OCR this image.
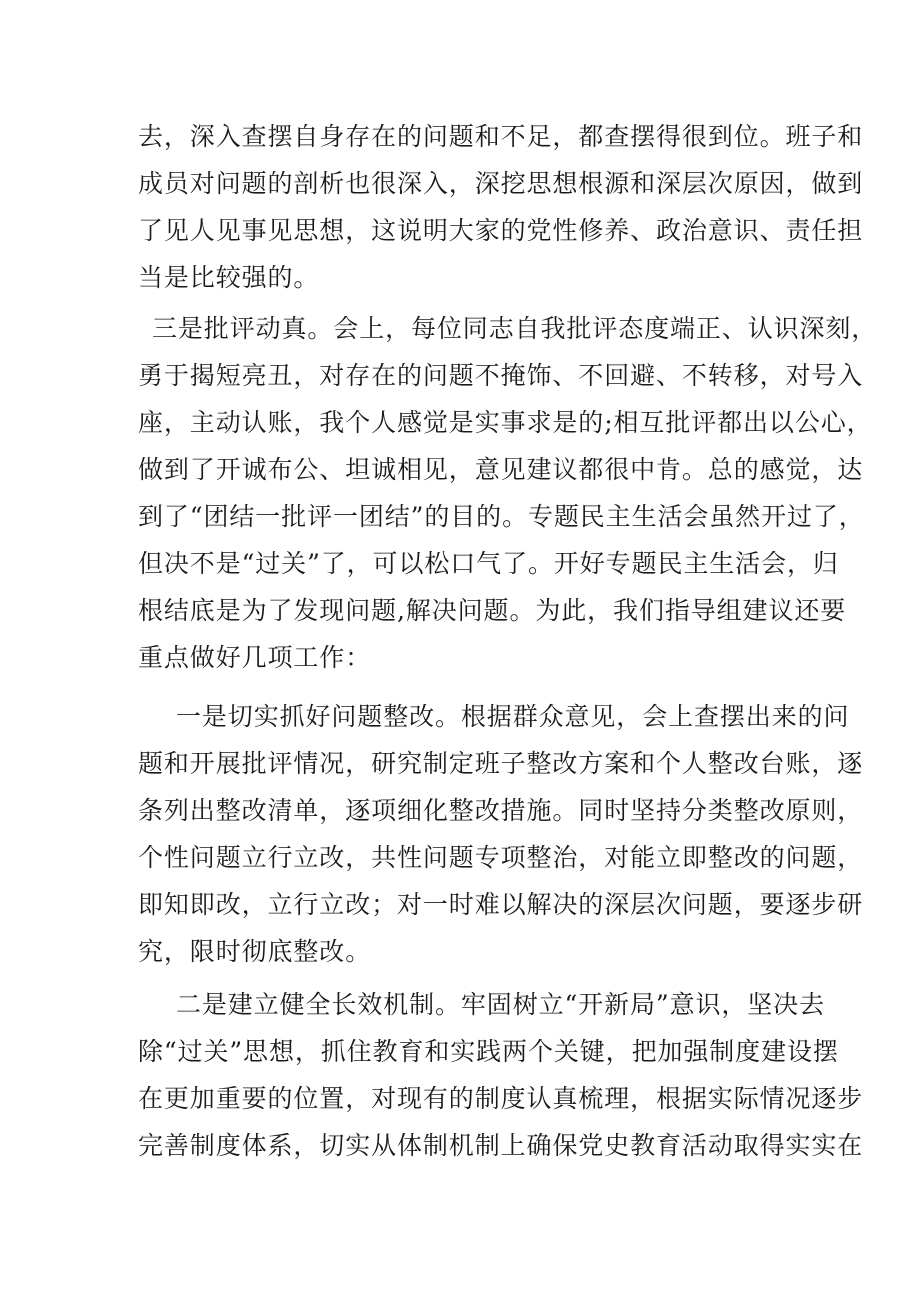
去，深入查摆自身存在的问题和不足，都查摆得很到位。班子和
成员对问题的剖析也很深入，深挖思想根源和深层次原因，做到
了见人见事见思想，这说明大家的党性修养、政治意识、责任担
当是比较强的。
三是批评动真。会上，每位同志自我批评态度端正、认识深刻，
勇于揭短亮丑，对存在的问题不掩饰、不回避、不转移，对号入
座，主动认账，我个人感觉是实事求是的;相互批评都出以公心，
做到了开诚布公、坦诚相见，意见建议都很中肯。总的感觉，达
到了“团结一批评一团结”的目的。专题民主生活会虽然开过了，
但决不是“过关”了，可以松口气了。开好专题民主生活会，归
根结底是为了发现问题,解决问题。为此，我们指导组建议还要
重点做好几项工作：
一是切实抓好问题整改。根据群众意见，会上查摆出来的问
题和开展批评情况，研究制定班子整改方案和个人整改台账，逐
条列出整改清单，逐项细化整改措施。同时坚持分类整改原则，
个性问题立行立改，共性问题专项整治，对能立即整改的问题，
即知即改，立行立改；对一时难以解决的深层次问题，要逐步研
究，限时彻底整改。
二是建立健全长效机制。牢固树立“开新局”意识，坚决去
除“过关”思想，抓住教育和实践两个关键，把加强制度建设摆
在更加重要的位置，对现有的制度认真梳理，根据实际情况逐步
完善制度体系，切实从体制机制上确保党史教育活动取得实实在
